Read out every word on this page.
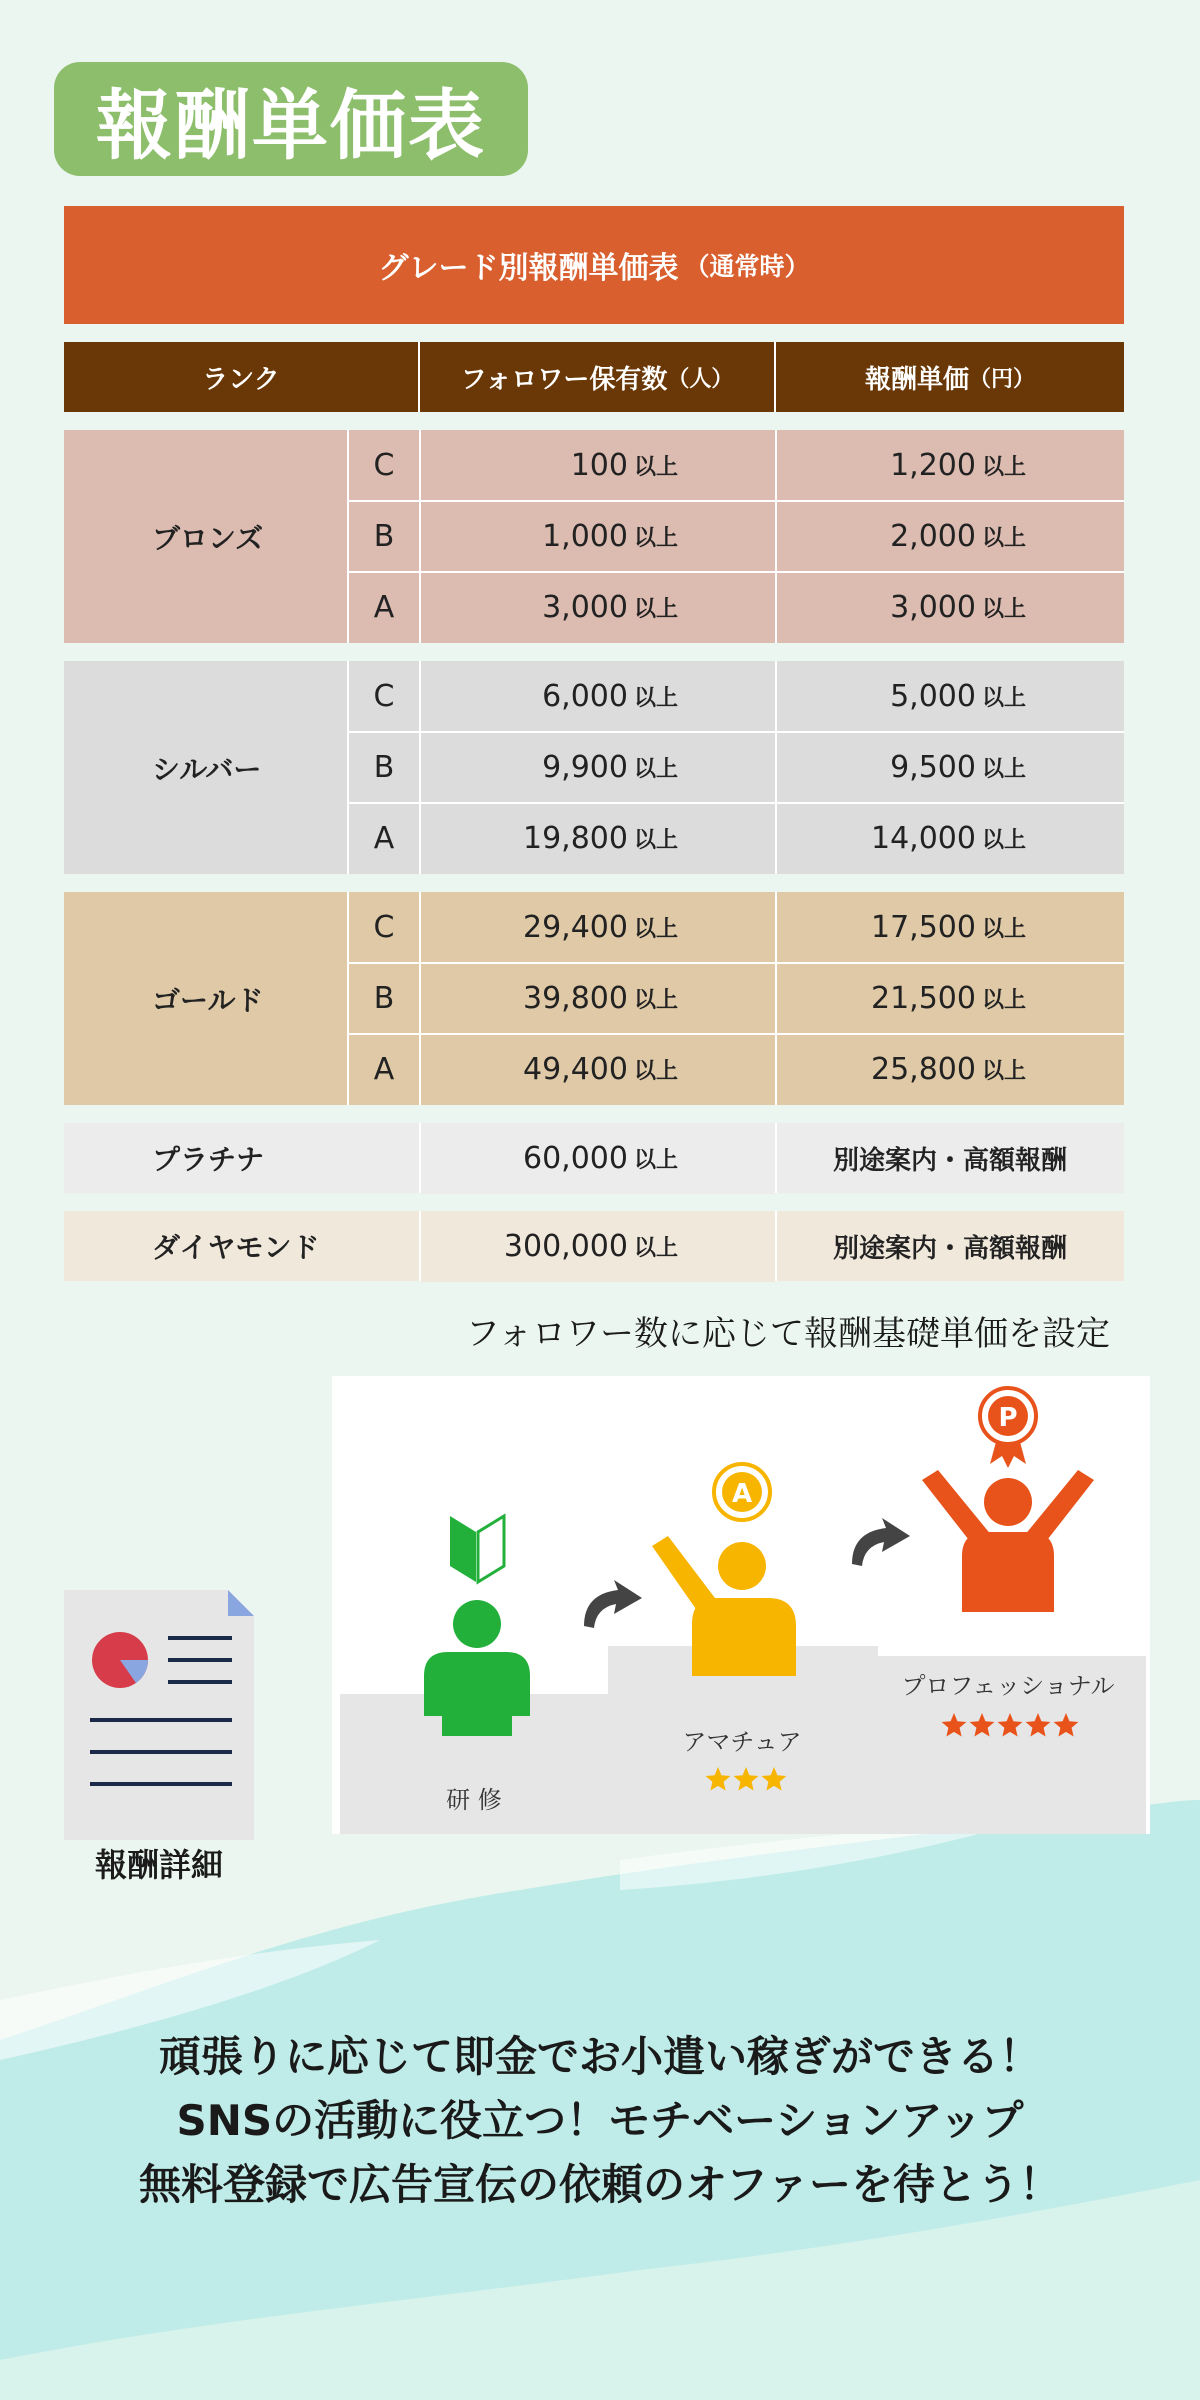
報酬単価表
グレード別報酬単価表 （通常時）
ランク	フォロワー保有数 （人）	報酬単価 （円）
ブロンズ
C	100 以上	1,200 以上
B	1,000 以上	2,000 以上
A	3,000 以上	3,000 以上
シルバー
C	6,000 以上	5,000 以上
B	9,900 以上	9,500 以上
A	19,800 以上	14,000 以上
ゴールド
C	29,400 以上	17,500 以上
B	39,800 以上	21,500 以上
A	49,400 以上	25,800 以上
プラチナ	60,000 以上	別途案内・高額報酬
ダイヤモンド	300,000 以上	別途案内・高額報酬
フォロワー数に応じて報酬基礎単価を設定
A
P
研 修
アマチュア
プロフェッショナル
報酬詳細
頑張りに応じて即金でお小遣い稼ぎができる！
SNSの活動に役立つ！モチベーションアップ
無料登録で広告宣伝の依頼のオファーを待とう！
